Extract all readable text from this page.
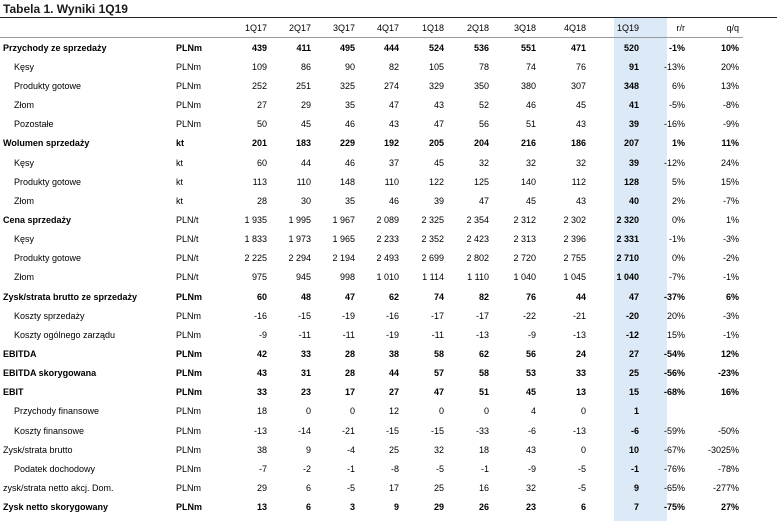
Tabela 1. Wyniki 1Q19
		1Q17	2Q17	3Q17	4Q17	1Q18	2Q18	3Q18	4Q18	1Q19	r/r	q/q
Przychody ze sprzedaży	PLNm	439	411	495	444	524	536	551	471	520	-1%	10%
Kęsy	PLNm	109	86	90	82	105	78	74	76	91	-13%	20%
Produkty gotowe	PLNm	252	251	325	274	329	350	380	307	348	6%	13%
Złom	PLNm	27	29	35	47	43	52	46	45	41	-5%	-8%
Pozostałe	PLNm	50	45	46	43	47	56	51	43	39	-16%	-9%
Wolumen sprzedaży	kt	201	183	229	192	205	204	216	186	207	1%	11%
Kęsy	kt	60	44	46	37	45	32	32	32	39	-12%	24%
Produkty gotowe	kt	113	110	148	110	122	125	140	112	128	5%	15%
Złom	kt	28	30	35	46	39	47	45	43	40	2%	-7%
Cena sprzedaży	PLN/t	1 935	1 995	1 967	2 089	2 325	2 354	2 312	2 302	2 320	0%	1%
Kęsy	PLN/t	1 833	1 973	1 965	2 233	2 352	2 423	2 313	2 396	2 331	-1%	-3%
Produkty gotowe	PLN/t	2 225	2 294	2 194	2 493	2 699	2 802	2 720	2 755	2 710	0%	-2%
Złom	PLN/t	975	945	998	1 010	1 114	1 110	1 040	1 045	1 040	-7%	-1%
Zysk/strata brutto ze sprzedaży	PLNm	60	48	47	62	74	82	76	44	47	-37%	6%
Koszty sprzedaży	PLNm	-16	-15	-19	-16	-17	-17	-22	-21	-20	20%	-3%
Koszty ogólnego zarządu	PLNm	-9	-11	-11	-19	-11	-13	-9	-13	-12	15%	-1%
EBITDA	PLNm	42	33	28	38	58	62	56	24	27	-54%	12%
EBITDA skorygowana	PLNm	43	31	28	44	57	58	53	33	25	-56%	-23%
EBIT	PLNm	33	23	17	27	47	51	45	13	15	-68%	16%
Przychody finansowe	PLNm	18	0	0	12	0	0	4	0	1		
Koszty finansowe	PLNm	-13	-14	-21	-15	-15	-33	-6	-13	-6	-59%	-50%
Zysk/strata brutto	PLNm	38	9	-4	25	32	18	43	0	10	-67%	-3025%
Podatek dochodowy	PLNm	-7	-2	-1	-8	-5	-1	-9	-5	-1	-76%	-78%
zysk/strata netto akcj. Dom.	PLNm	29	6	-5	17	25	16	32	-5	9	-65%	-277%
Zysk netto skorygowany	PLNm	13	6	3	9	29	26	23	6	7	-75%	27%
